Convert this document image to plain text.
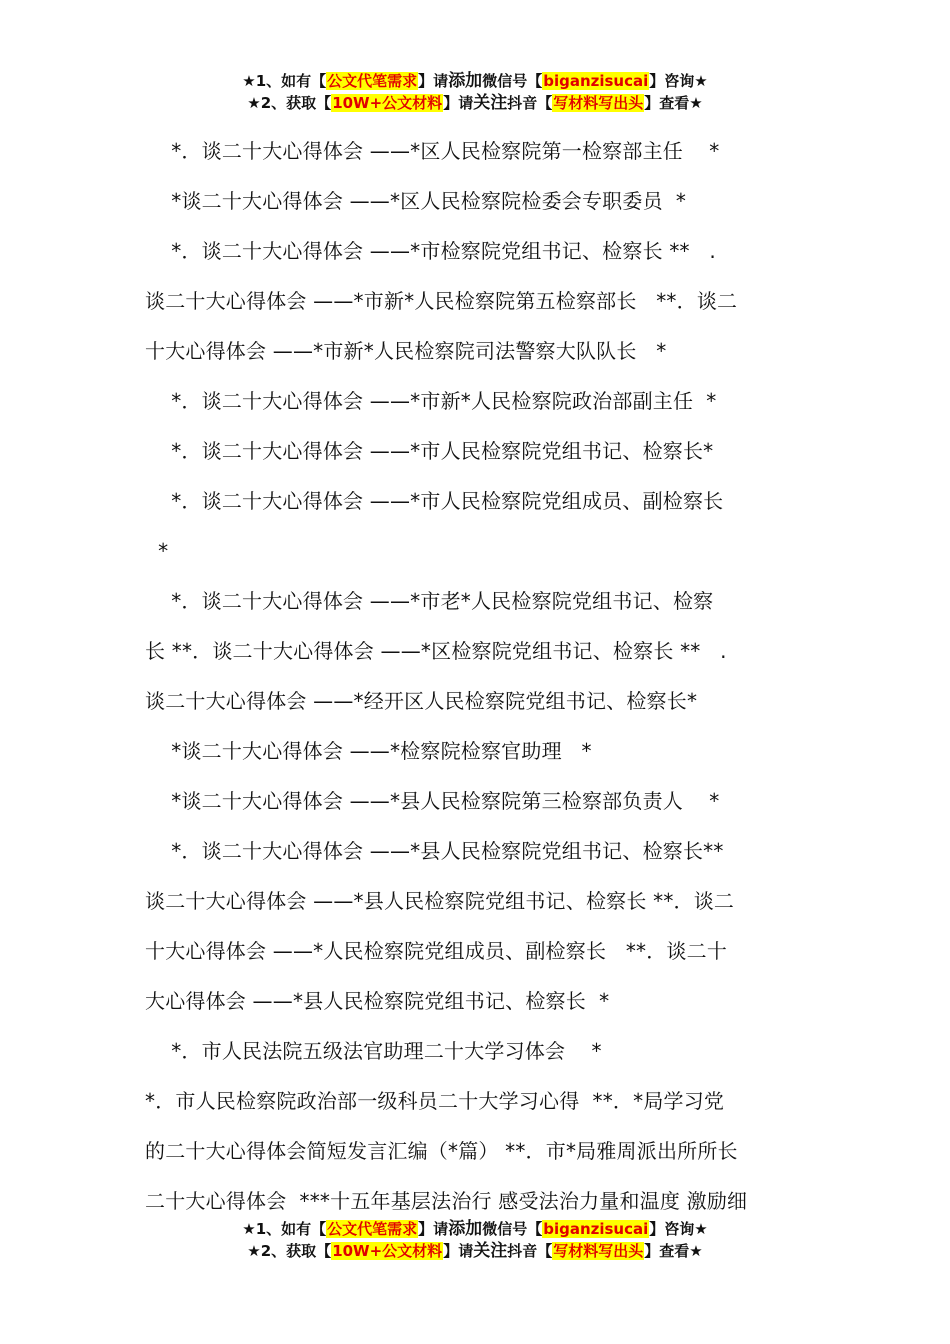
★1、如有【公文代笔需求】请添加微信号【biganzisucai】咨询★
★2、获取【10W+公文材料】请关注抖音【写材料写出头】查看★
*．谈二十大心得体会 ——*区人民检察院第一检察部主任    *
*谈二十大心得体会 ——*区人民检察院检委会专职委员  *
*．谈二十大心得体会 ——*市检察院党组书记、检察长 **   .
谈二十大心得体会 ——*市新*人民检察院第五检察部长   **．谈二
十大心得体会 ——*市新*人民检察院司法警察大队队长   *
*．谈二十大心得体会 ——*市新*人民检察院政治部副主任  *
*．谈二十大心得体会 ——*市人民检察院党组书记、检察长*
*．谈二十大心得体会 ——*市人民检察院党组成员、副检察长
*
*．谈二十大心得体会 ——*市老*人民检察院党组书记、检察
长 **．谈二十大心得体会 ——*区检察院党组书记、检察长 **   .
谈二十大心得体会 ——*经开区人民检察院党组书记、检察长*
*谈二十大心得体会 ——*检察院检察官助理   *
*谈二十大心得体会 ——*县人民检察院第三检察部负责人    *
*．谈二十大心得体会 ——*县人民检察院党组书记、检察长**
谈二十大心得体会 ——*县人民检察院党组书记、检察长 **．谈二
十大心得体会 ——*人民检察院党组成员、副检察长   **．谈二十
大心得体会 ——*县人民检察院党组书记、检察长  *
*．市人民法院五级法官助理二十大学习体会    *
*．市人民检察院政治部一级科员二十大学习心得  **．*局学习党
的二十大心得体会简短发言汇编（*篇） **．市*局雅周派出所所长
二十大心得体会  ***十五年基层法治行 感受法治力量和温度 激励细
★1、如有【公文代笔需求】请添加微信号【biganzisucai】咨询★
★2、获取【10W+公文材料】请关注抖音【写材料写出头】查看★
